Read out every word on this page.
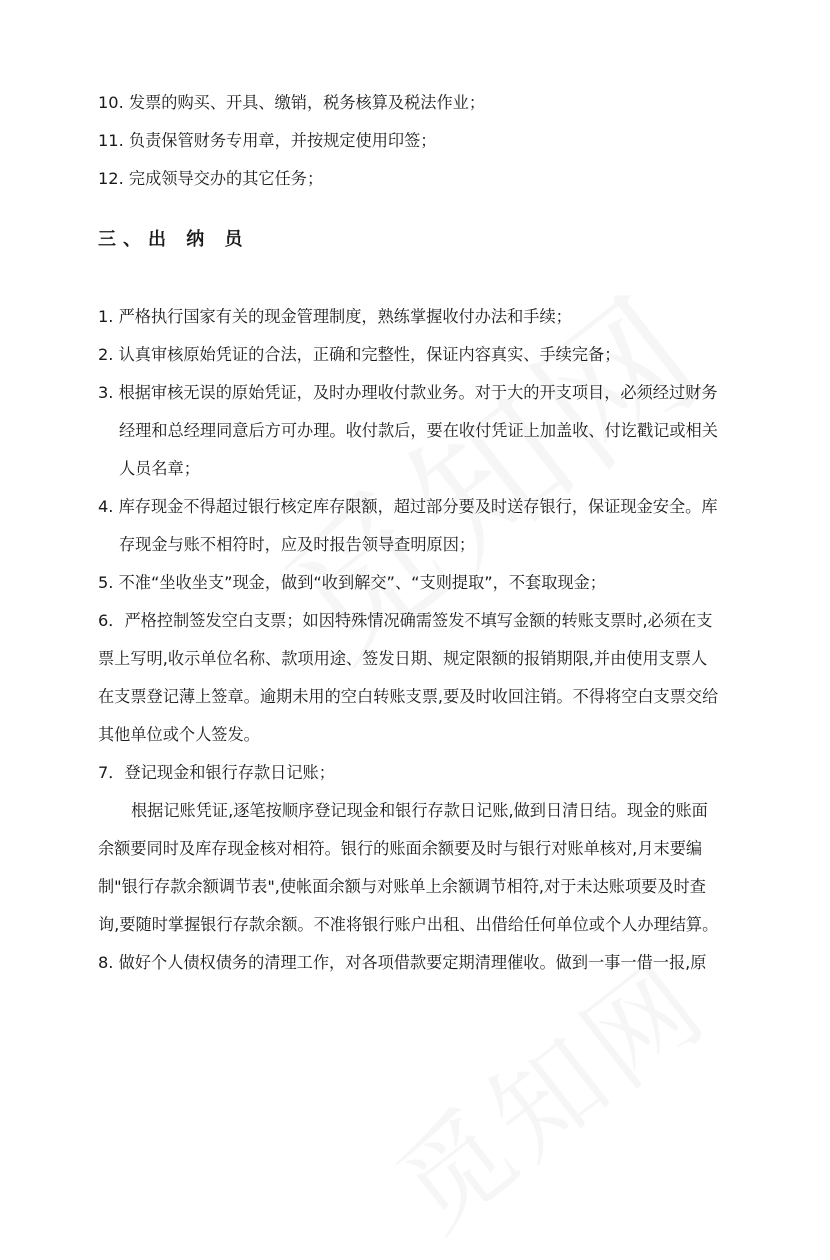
10. 发票的购买、开具、缴销，税务核算及税法作业；

11. 负责保管财务专用章，并按规定使用印签；

12. 完成领导交办的其它任务；

三、出 纳 员

1. 严格执行国家有关的现金管理制度，熟练掌握收付办法和手续；

2. 认真审核原始凭证的合法，正确和完整性，保证内容真实、手续完备；

3. 根据审核无误的原始凭证，及时办理收付款业务。对于大的开支项目，必须经过财务

经理和总经理同意后方可办理。收付款后，要在收付凭证上加盖收、付讫戳记或相关

人员名章；

4. 库存现金不得超过银行核定库存限额，超过部分要及时送存银行，保证现金安全。库

存现金与账不相符时，应及时报告领导查明原因；

5. 不准“坐收坐支”现金，做到“收到解交”、“支则提取”，不套取现金；

6．严格控制签发空白支票；如因特殊情况确需签发不填写金额的转账支票时,必须在支

票上写明,收示单位名称、款项用途、签发日期、规定限额的报销期限,并由使用支票人

在支票登记薄上签章。逾期未用的空白转账支票,要及时收回注销。不得将空白支票交给

其他单位或个人签发。

7．登记现金和银行存款日记账；

根据记账凭证,逐笔按顺序登记现金和银行存款日记账,做到日清日结。现金的账面

余额要同时及库存现金核对相符。银行的账面余额要及时与银行对账单核对,月末要编

制"银行存款余额调节表",使帐面余额与对账单上余额调节相符,对于未达账项要及时查

询,要随时掌握银行存款余额。不准将银行账户出租、出借给任何单位或个人办理结算。

8. 做好个人债权债务的清理工作，对各项借款要定期清理催收。做到一事一借一报,原
